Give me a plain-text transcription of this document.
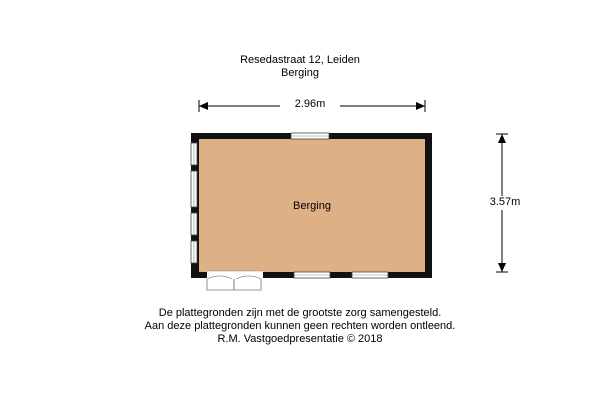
Resedastraat 12, Leiden
Berging
2.96m
3.57m
Berging
De plattegronden zijn met de grootste zorg samengesteld.
Aan deze plattegronden kunnen geen rechten worden ontleend.
R.M. Vastgoedpresentatie © 2018
